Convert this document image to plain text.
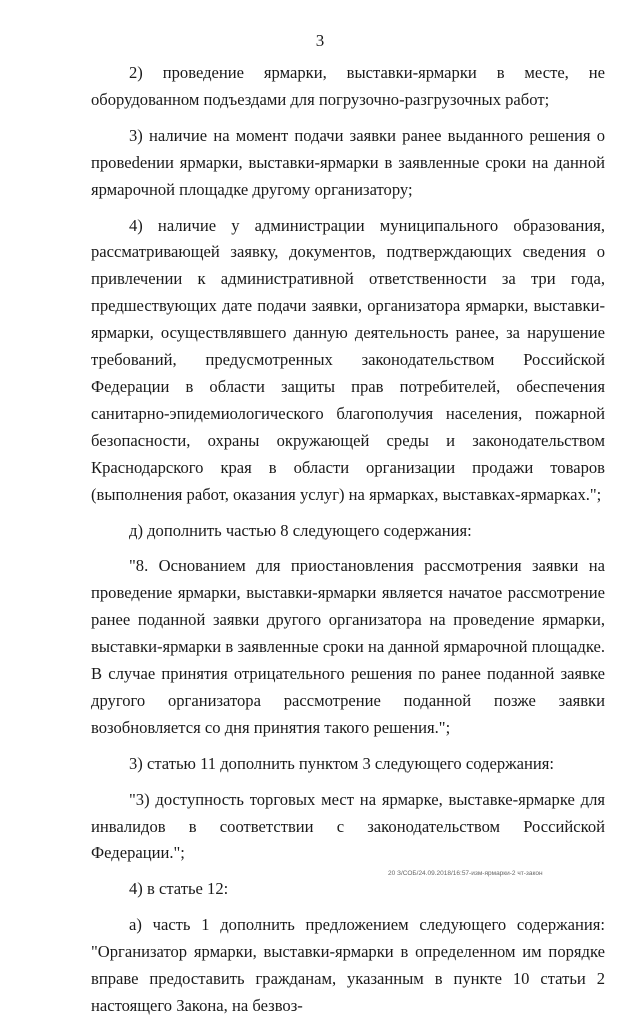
3

2) проведение ярмарки, выставки-ярмарки в месте, не оборудованном подъездами для погрузочно-разгрузочных работ;

3) наличие на момент подачи заявки ранее выданного решения о провеdении ярмарки, выставки-ярмарки в заявленные сроки на данной ярмарочной площадке другому организатору;

4) наличие у администрации муниципального образования, рассматривающей заявку, документов, подтверждающих сведения о привлечении к административной ответственности за три года, предшествующих дате подачи заявки, организатора ярмарки, выставки-ярмарки, осуществлявшего данную деятельность ранее, за нарушение требований, предусмотренных законодательством Российской Федерации в области защиты прав потребителей, обеспечения санитарно-эпидемиологического благополучия населения, пожарной безопасности, охраны окружающей среды и законодательством Краснодарского края в области организации продажи товаров (выполнения работ, оказания услуг) на ярмарках, выставках-ярмарках.";

д) дополнить частью 8 следующего содержания:

"8. Основанием для приостановления рассмотрения заявки на проведение ярмарки, выставки-ярмарки является начатое рассмотрение ранее поданной заявки другого организатора на проведение ярмарки, выставки-ярмарки в заявленные сроки на данной ярмарочной площадке. В случае принятия отрицательного решения по ранее поданной заявке другого организатора рассмотрение поданной позже заявки возобновляется со дня принятия такого решения.";

3) статью 11 дополнить пунктом 3 следующего содержания:

"3) доступность торговых мест на ярмарке, выставке-ярмарке для инвалидов в соответствии с законодательством Российской Федерации.";

4) в статье 12:

а) часть 1 дополнить предложением следующего содержания: "Организатор ярмарки, выставки-ярмарки в определенном им порядке вправе предоставить гражданам, указанным в пункте 10 статьи 2 настоящего Закона, на безвоз-

20 З/СОБ/24.09.2018/16:57-изм-ярмарки-2 чт-закон
